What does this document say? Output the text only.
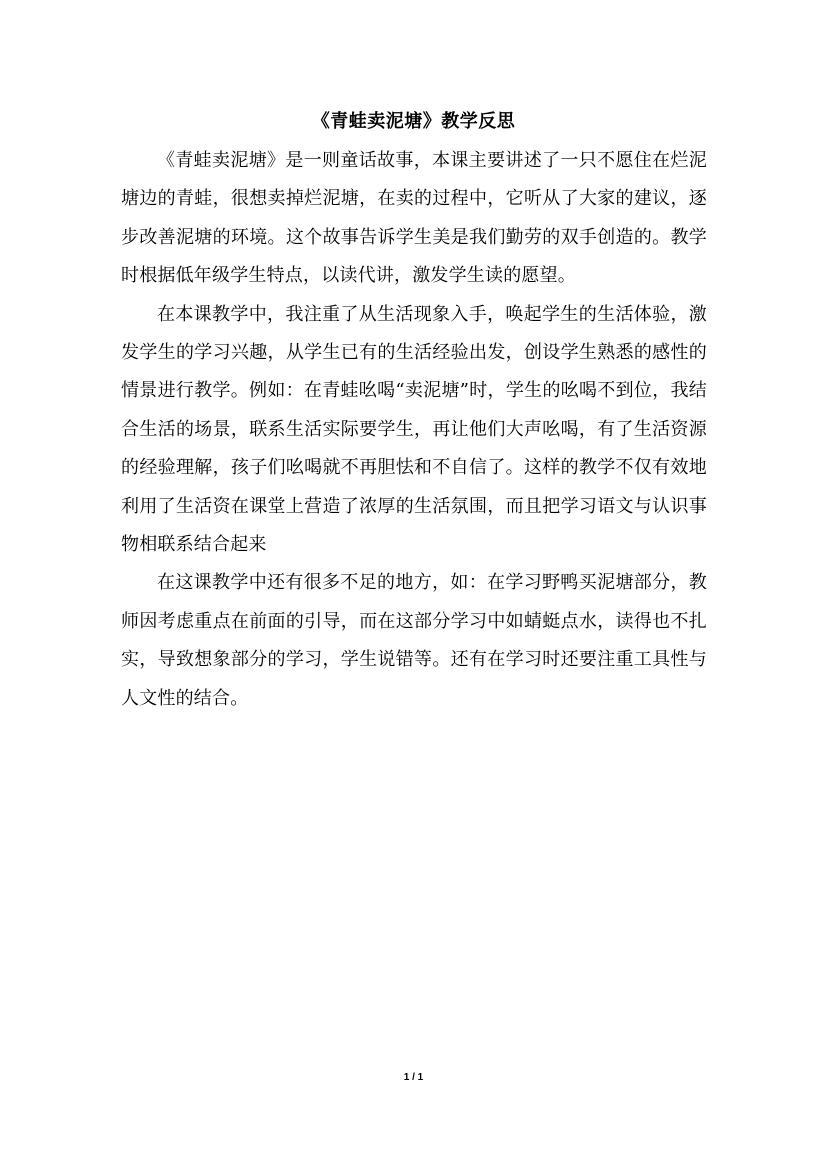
《青蛙卖泥塘》教学反思

《青蛙卖泥塘》是一则童话故事，本课主要讲述了一只不愿住在烂泥塘边的青蛙，很想卖掉烂泥塘，在卖的过程中，它听从了大家的建议，逐步改善泥塘的环境。这个故事告诉学生美是我们勤劳的双手创造的。教学时根据低年级学生特点，以读代讲，激发学生读的愿望。

在本课教学中，我注重了从生活现象入手，唤起学生的生活体验，激发学生的学习兴趣，从学生已有的生活经验出发，创设学生熟悉的感性的情景进行教学。例如：在青蛙吆喝“卖泥塘”时，学生的吆喝不到位，我结合生活的场景，联系生活实际要学生，再让他们大声吆喝，有了生活资源的经验理解，孩子们吆喝就不再胆怯和不自信了。这样的教学不仅有效地利用了生活资在课堂上营造了浓厚的生活氛围，而且把学习语文与认识事物相联系结合起来

在这课教学中还有很多不足的地方，如：在学习野鸭买泥塘部分，教师因考虑重点在前面的引导，而在这部分学习中如蜻蜓点水，读得也不扎实，导致想象部分的学习，学生说错等。还有在学习时还要注重工具性与人文性的结合。

1 / 1
